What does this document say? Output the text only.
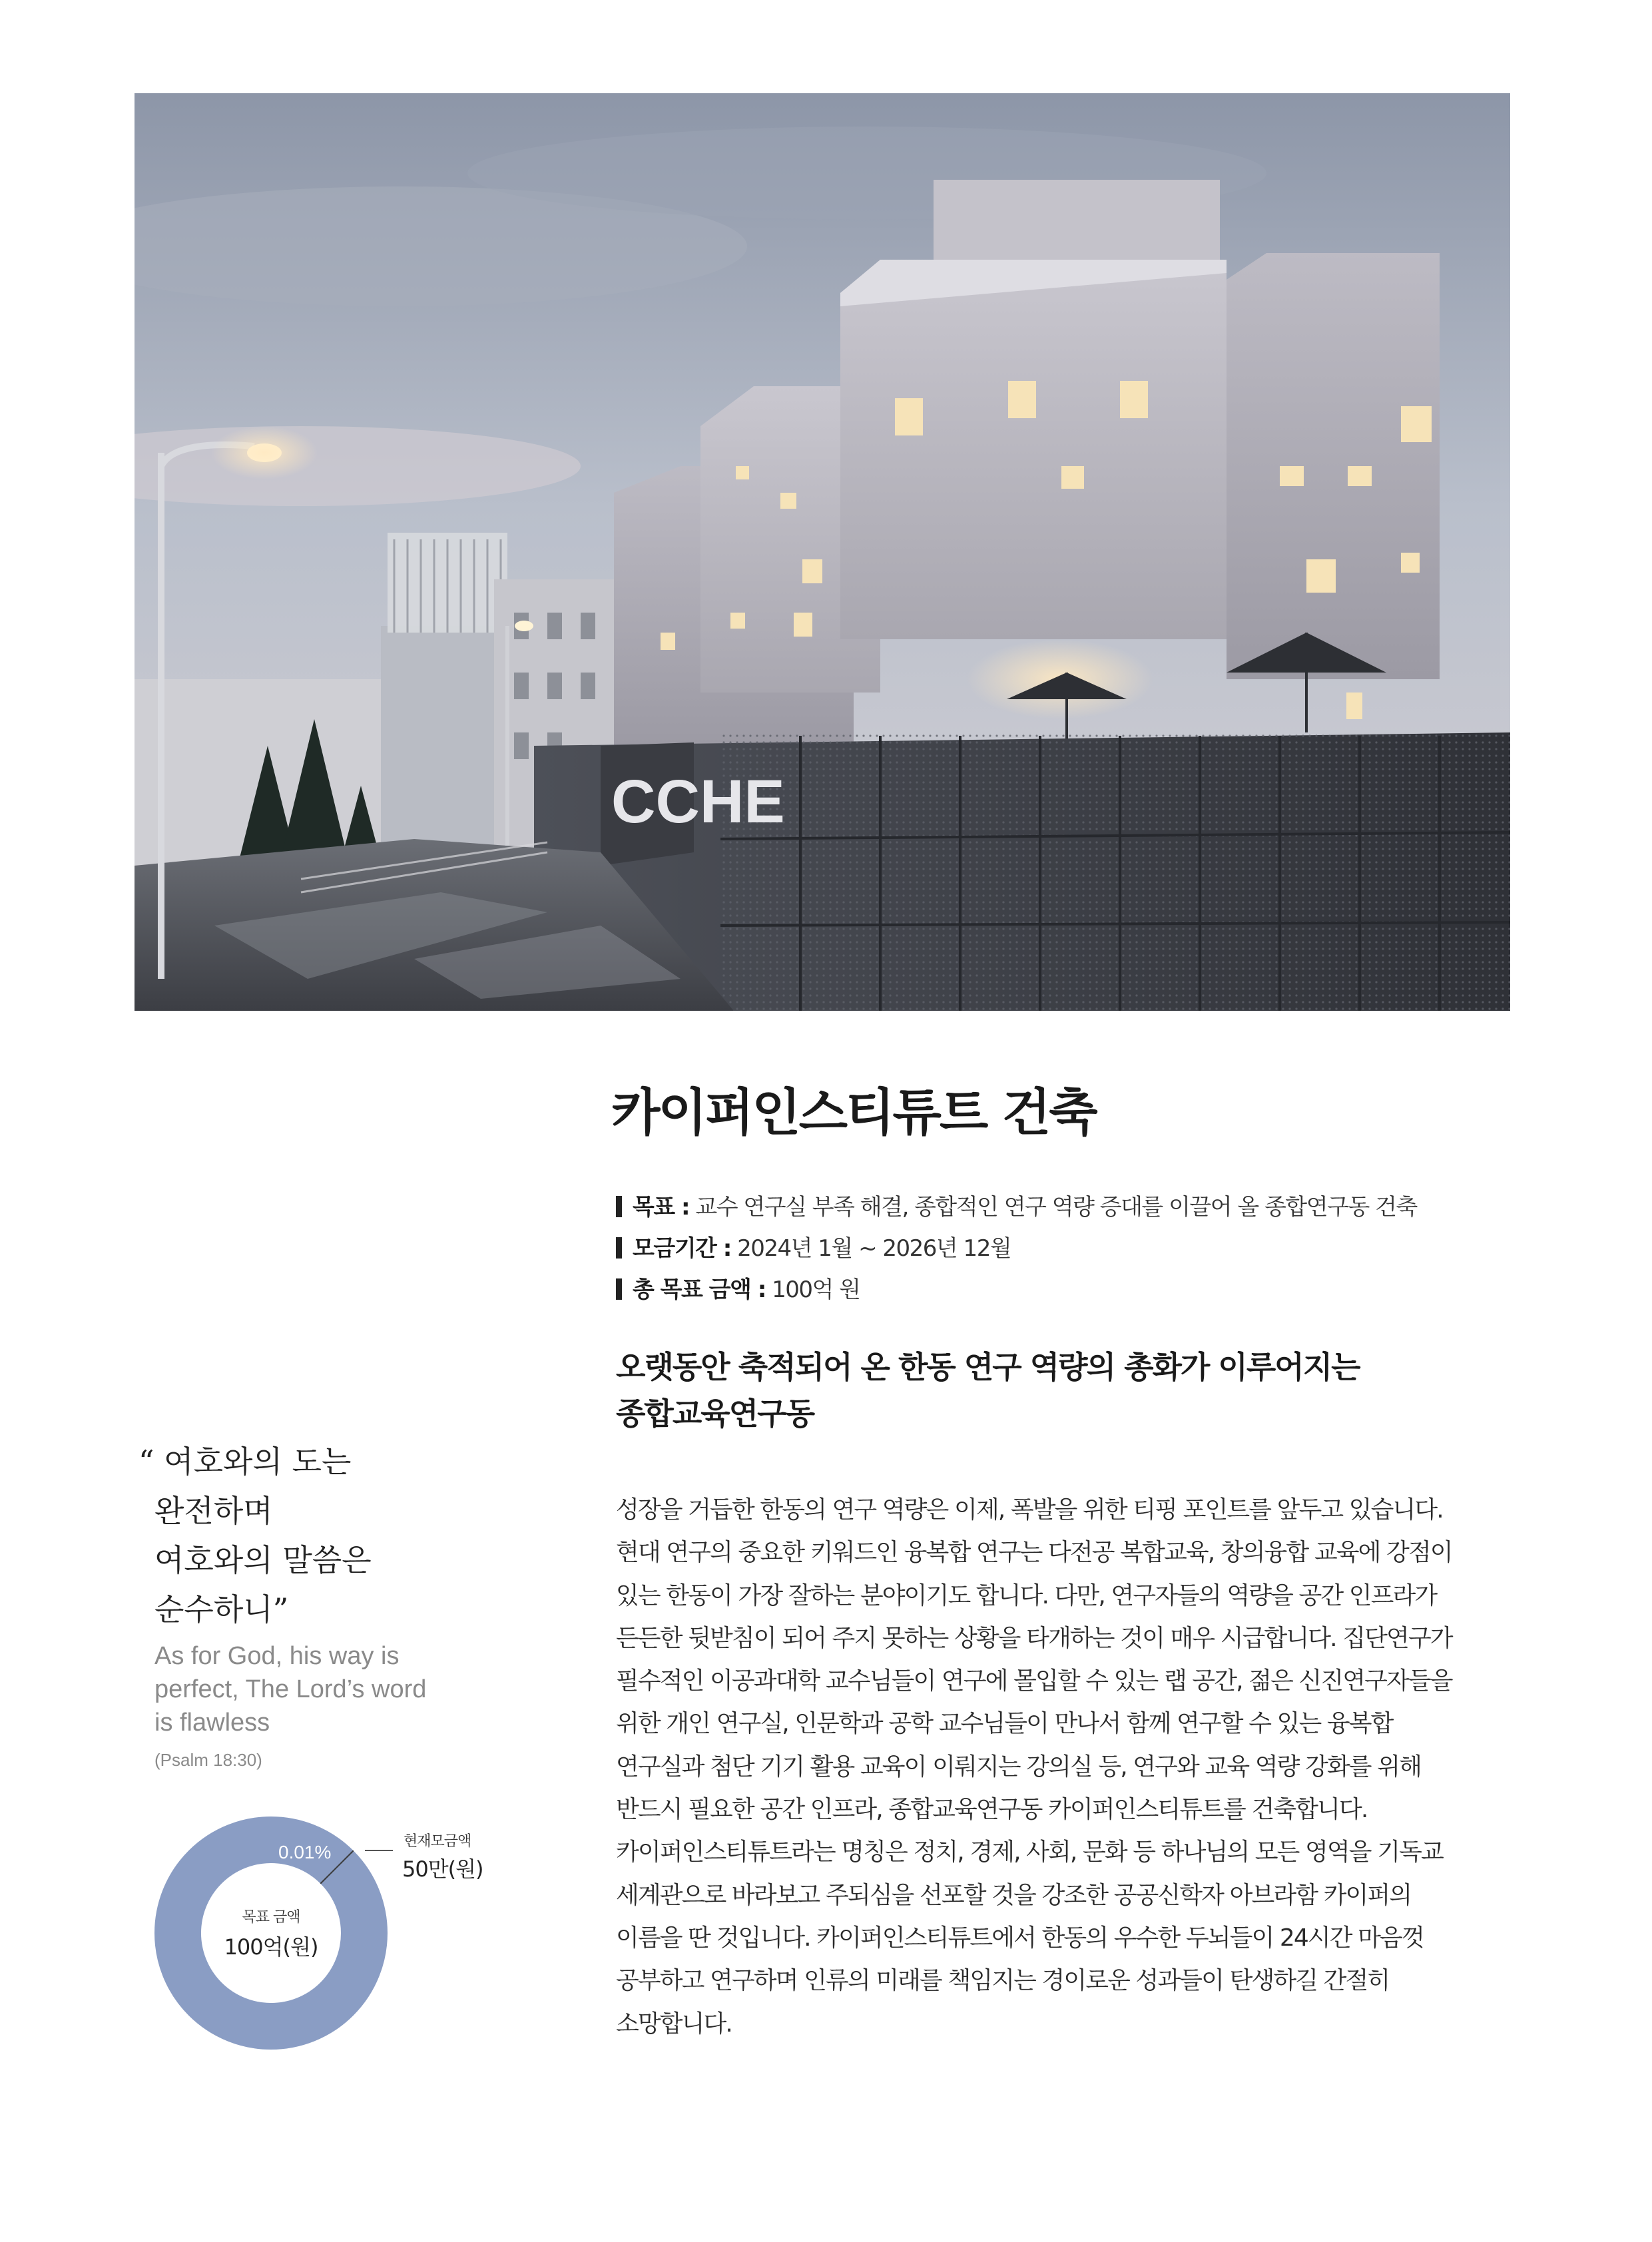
CCHE
카이퍼인스티튜트 건축
목표 : 교수 연구실 부족 해결, 종합적인 연구 역량 증대를 이끌어 올 종합연구동 건축
모금기간 : 2024년 1월 ~ 2026년 12월
총 목표 금액 : 100억 원
오랫동안 축적되어 온 한동 연구 역량의 총화가 이루어지는
종합교육연구동
성장을 거듭한 한동의 연구 역량은 이제, 폭발을 위한 티핑 포인트를 앞두고 있습니다.
현대 연구의 중요한 키워드인 융복합 연구는 다전공 복합교육, 창의융합 교육에 강점이
있는 한동이 가장 잘하는 분야이기도 합니다. 다만, 연구자들의 역량을 공간 인프라가
든든한 뒷받침이 되어 주지 못하는 상황을 타개하는 것이 매우 시급합니다. 집단연구가
필수적인 이공과대학 교수님들이 연구에 몰입할 수 있는 랩 공간, 젊은 신진연구자들을
위한 개인 연구실, 인문학과 공학 교수님들이 만나서 함께 연구할 수 있는 융복합
연구실과 첨단 기기 활용 교육이 이뤄지는 강의실 등, 연구와 교육 역량 강화를 위해
반드시 필요한 공간 인프라, 종합교육연구동 카이퍼인스티튜트를 건축합니다.
카이퍼인스티튜트라는 명칭은 정치, 경제, 사회, 문화 등 하나님의 모든 영역을 기독교
세계관으로 바라보고 주되심을 선포할 것을 강조한 공공신학자 아브라함 카이퍼의
이름을 딴 것입니다. 카이퍼인스티튜트에서 한동의 우수한 두뇌들이 24시간 마음껏
공부하고 연구하며 인류의 미래를 책임지는 경이로운 성과들이 탄생하길 간절히
소망합니다.
“ 여호와의 도는
완전하며
여호와의 말씀은
순수하니”
As for God, his way is
perfect, The Lord’s word
is flawless
(Psalm 18:30)
목표 금액
100억(원)
0.01%
현재모금액
50만(원)
